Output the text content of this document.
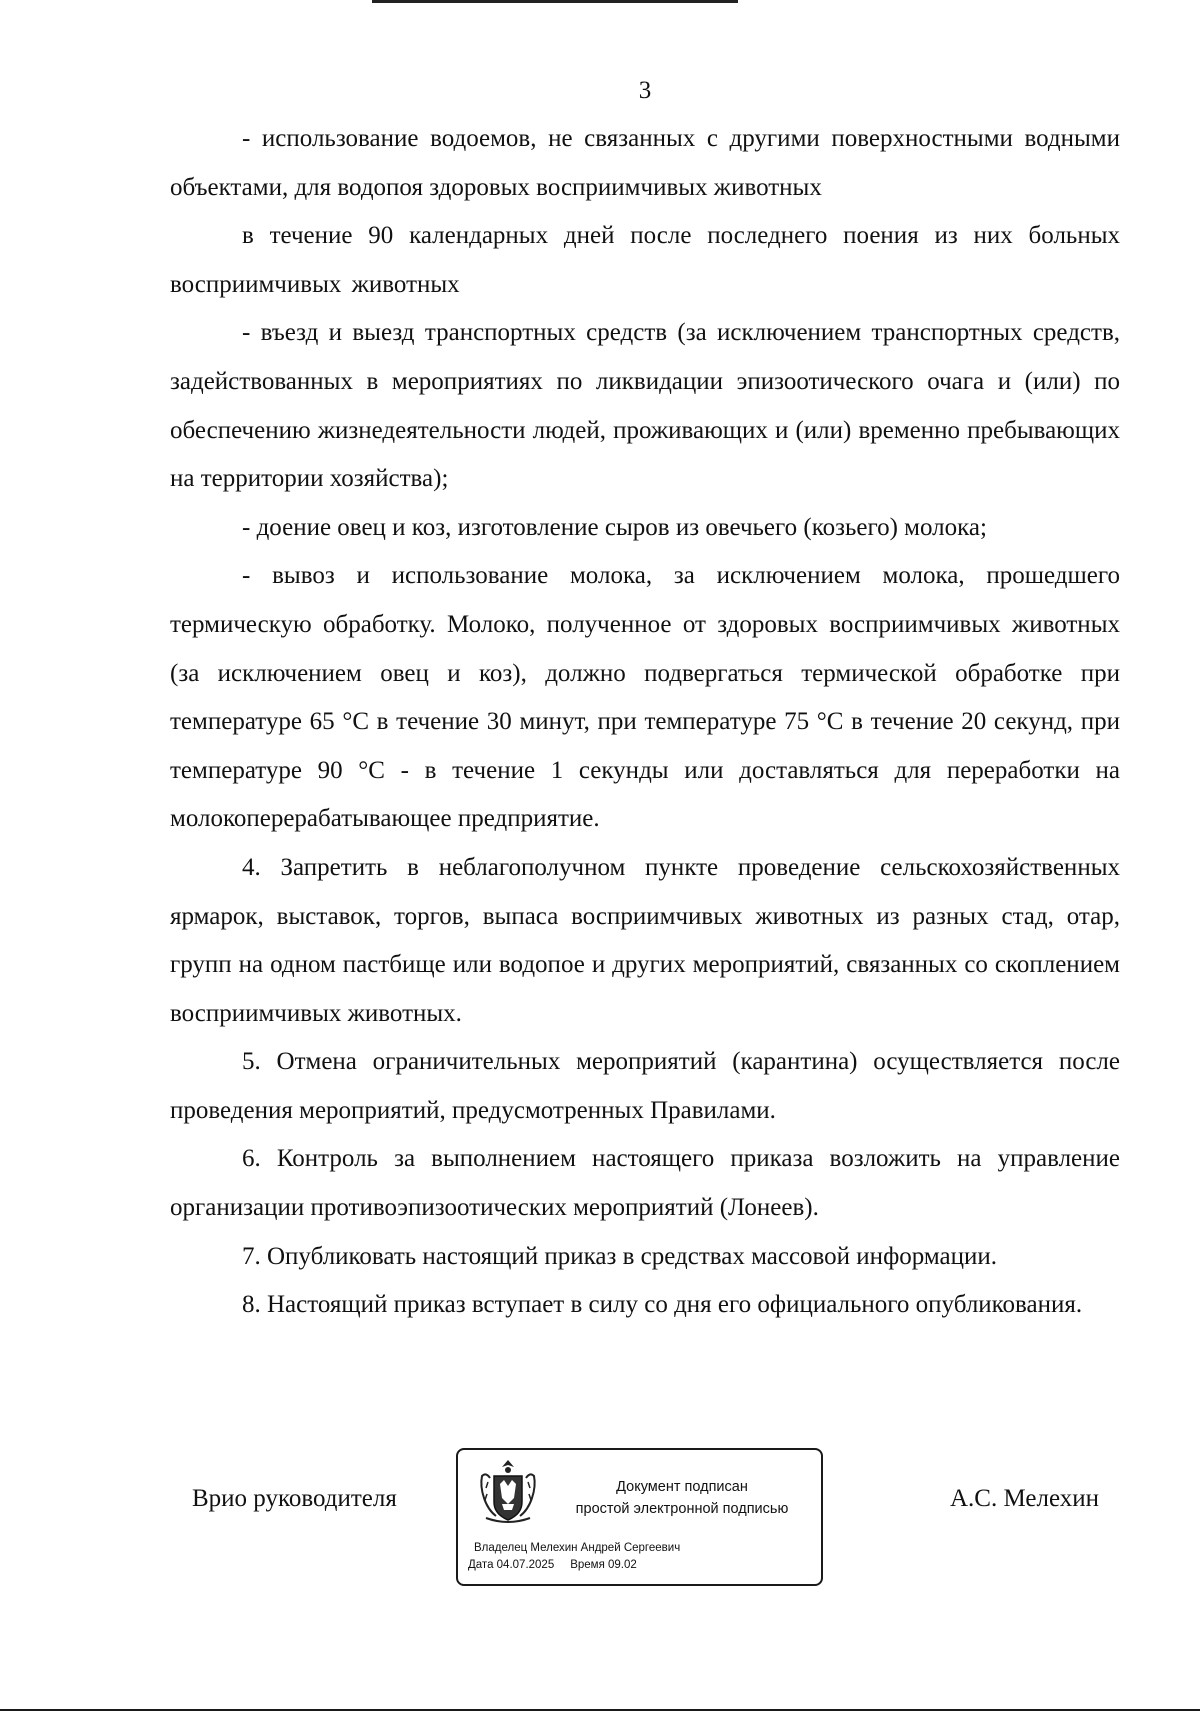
3

- использование водоемов, не связанных с другими поверхностными водными объектами, для водопоя здоровых восприимчивых животных

в течение 90 календарных дней после последнего поения из них больных восприимчивых животных

- въезд и выезд транспортных средств (за исключением транспортных средств, задействованных в мероприятиях по ликвидации эпизоотического очага и (или) по обеспечению жизнедеятельности людей, проживающих и (или) временно пребывающих на территории хозяйства);

- доение овец и коз, изготовление сыров из овечьего (козьего) молока;

- вывоз и использование молока, за исключением молока, прошедшего термическую обработку. Молоко, полученное от здоровых восприимчивых животных (за исключением овец и коз), должно подвергаться термической обработке при температуре 65 °С в течение 30 минут, при температуре 75 °С в течение 20 секунд, при температуре 90 °С - в течение 1 секунды или доставляться для переработки на молокоперерабатывающее предприятие.

4. Запретить в неблагополучном пункте проведение сельскохозяйственных ярмарок, выставок, торгов, выпаса восприимчивых животных из разных стад, отар, групп на одном пастбище или водопое и других мероприятий, связанных со скоплением восприимчивых животных.

5. Отмена ограничительных мероприятий (карантина) осуществляется после проведения мероприятий, предусмотренных Правилами.

6. Контроль за выполнением настоящего приказа возложить на управление организации противоэпизоотических мероприятий (Лонеев).

7. Опубликовать настоящий приказ в средствах массовой информации.

8. Настоящий приказ вступает в силу со дня его официального опубликования.

Врио руководителя	Документ подписан
простой электронной подписью
Владелец Мелехин Андрей Сергеевич
Дата 04.07.2025 Время 09.02
А.С. Мелехин
